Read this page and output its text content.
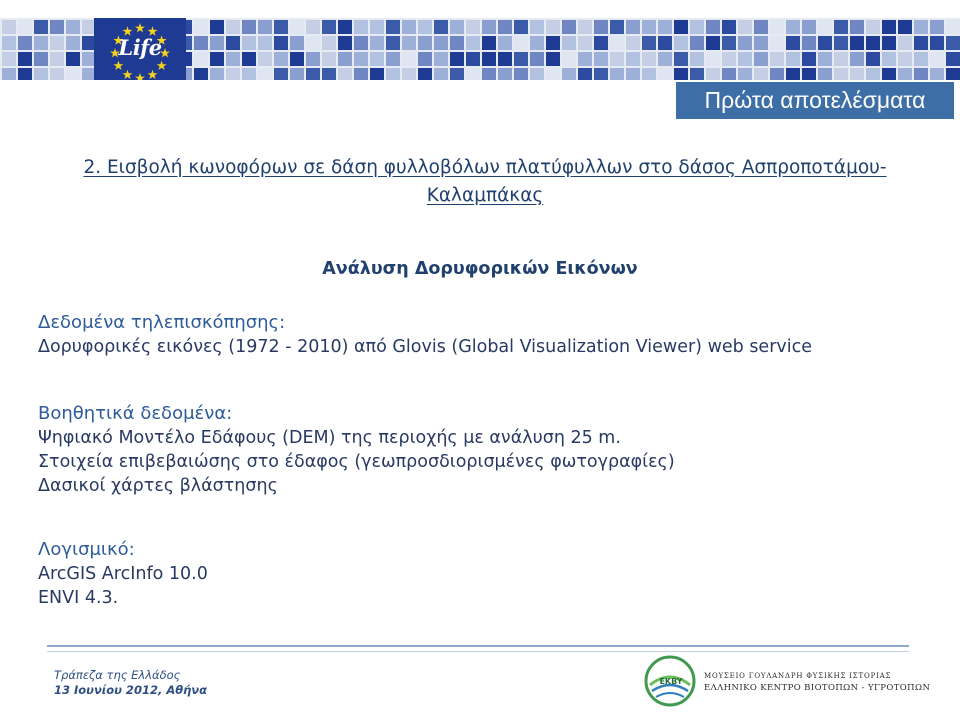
Life
Πρώτα αποτελέσματα
2. Εισβολή κωνοφόρων σε δάση φυλλοβόλων πλατύφυλλων στο δάσος Ασπροποτάμου-
Καλαμπάκας
Ανάλυση Δορυφορικών Εικόνων
Δεδομένα τηλεπισκόπησης:
Δορυφορικές εικόνες (1972 - 2010) από Glovis (Global Visualization Viewer) web service
Βοηθητικά δεδομένα:
Ψηφιακό Μοντέλο Εδάφους (DEM) της περιοχής με ανάλυση 25 m.
Στοιχεία επιβεβαιώσης στο έδαφος (γεωπροσδιορισμένες φωτογραφίες)
Δασικοί χάρτες βλάστησης
Λογισμικό:
ArcGIS ArcInfo 10.0
ENVI 4.3.
Τράπεζα της Ελλάδος
13 Ιουνίου 2012, Αθήνα
EKBY
ΜΟΥΣΕΙΟ ΓΟΥΛΑΝΔΡΗ ΦΥΣΙΚΗΣ ΙΣΤΟΡΙΑΣ
ΕΛΛΗΝΙΚΟ ΚΕΝΤΡΟ ΒΙΟΤΟΠΩΝ - ΥΓΡΟΤΟΠΩΝ
